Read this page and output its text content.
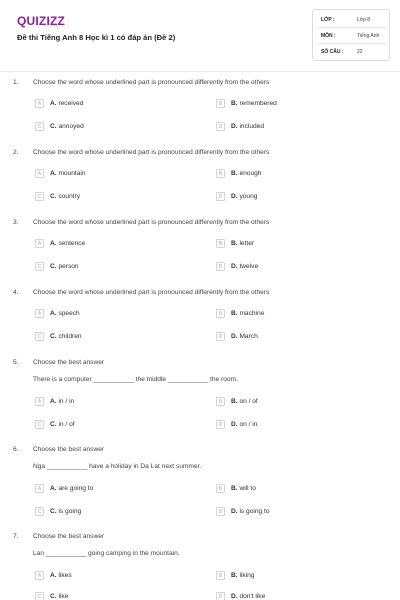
QUIZIZZ
Đề thi Tiếng Anh 8 Học kì 1 có đáp án (Đề 2)
LỚP :	Lớp 8
MÔN :	Tiếng Anh
SỐ CÂU :	22
1. Choose the word whose underlined part is pronounced differently from the others
A	A. received	B	B. remembered
C	C. annoyed	D	D. included
2. Choose the word whose underlined part is pronounced differently from the others
A	A. mountain	B	B. enough
C	C. country	D	D. young
3. Choose the word whose underlined part is pronounced differently from the others
A	A. sentence	B	B. letter
C	C. person	D	D. twelve
4. Choose the word whose underlined part is pronounced differently from the others
A	A. speech	B	B. machine
C	C. children	D	D. March
5. Choose the best answer
There is a computer ___________ the middle ___________ the room.
A	A. in / in	B	B. on / of
C	C. in / of	D	D. on / in
6. Choose the best answer
Nga ___________ have a holiday in Da Lat next summer.
A	A. are going to	B	B. will to
C	C. is going	D	D. is going to
7. Choose the best answer
Lan ___________ going camping in the mountain.
A	A. likes	B	B. liking
C	C. like	D	D. don't like
